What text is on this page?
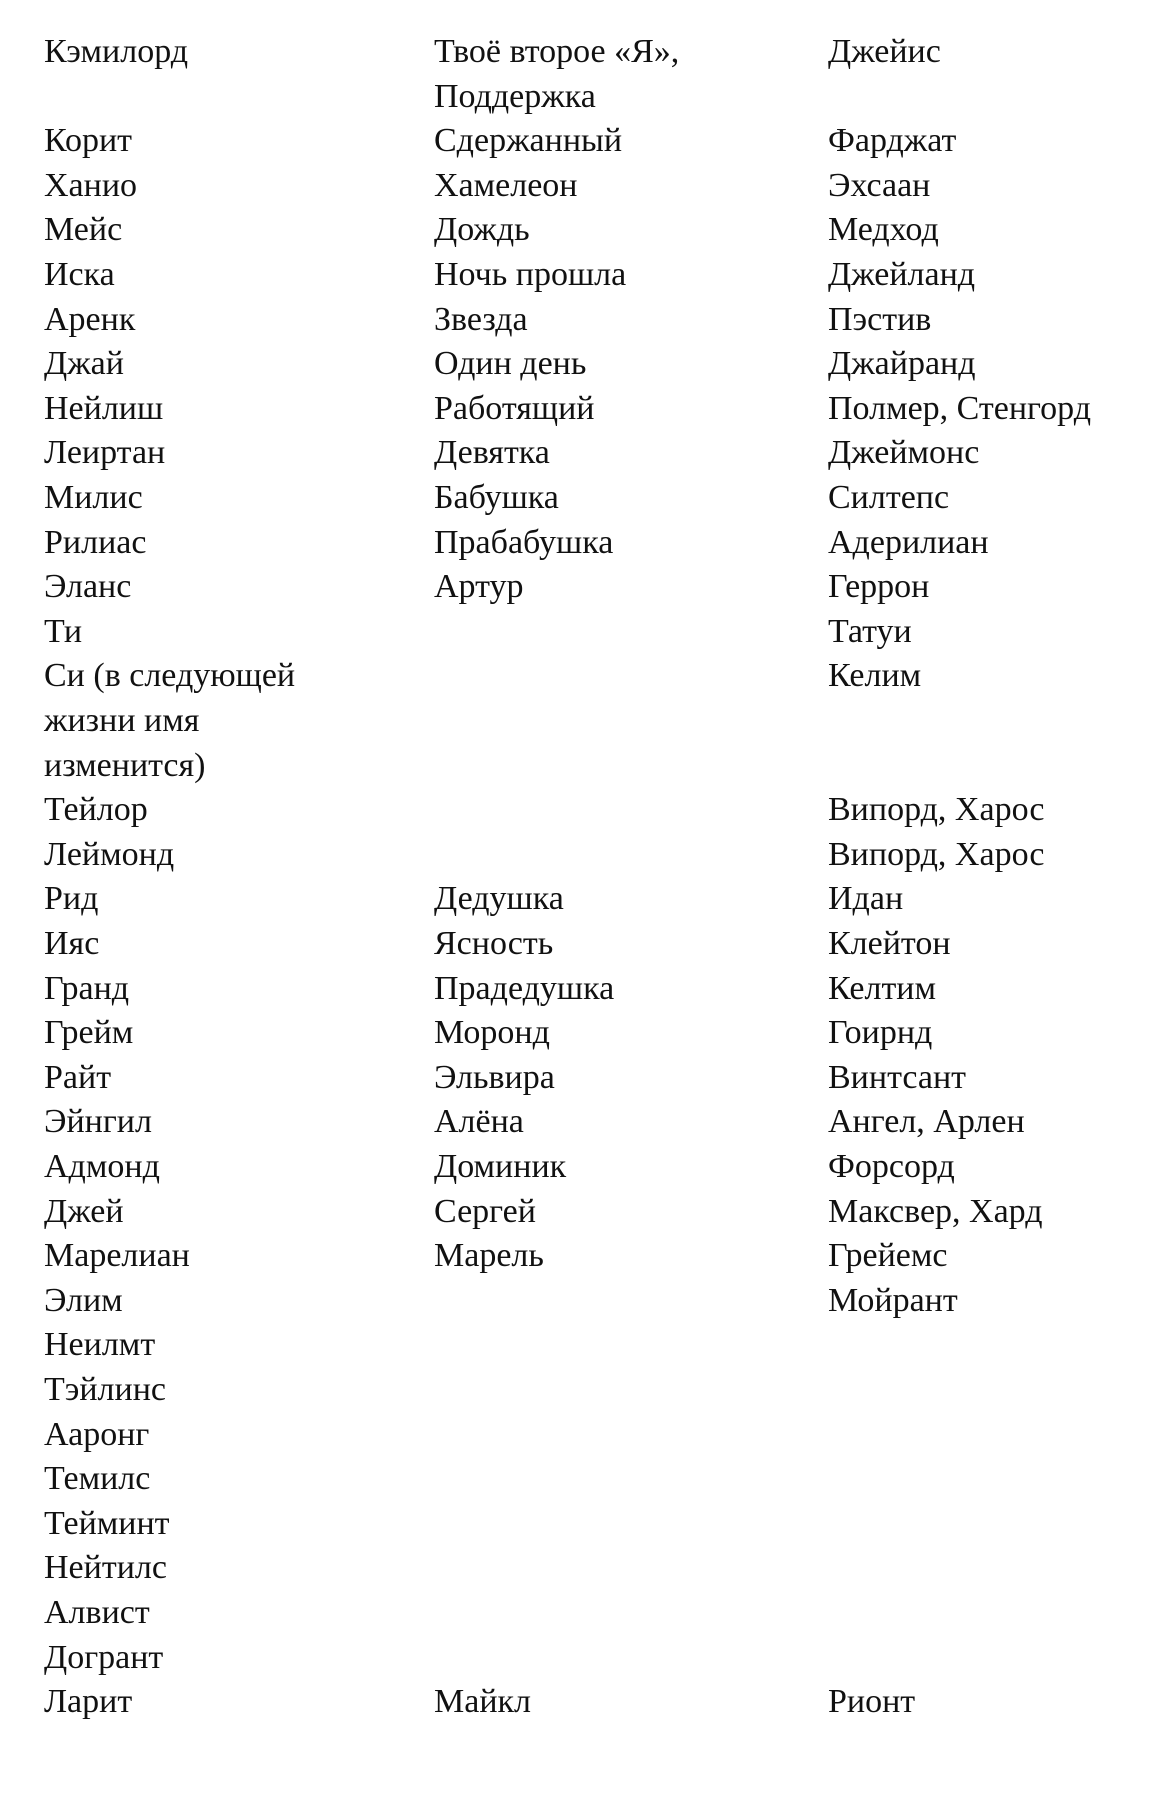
Кэмилорд
Корит
Ханио
Мейс
Иска
Аренк
Джай
Нейлиш
Леиртан
Милис
Рилиас
Эланс
Ти
Си (в следующей жизни имя изменится)
Тейлор
Леймонд
Рид
Ияс
Гранд
Грейм
Райт
Эйнгил
Адмонд
Джей
Марелиан
Элим
Неилмт
Тэйлинс
Ааронг
Темилс
Тейминт
Нейтилс
Алвист
Догрант
Ларит
Твоё второе «Я», Поддержка
Сдержанный
Хамелеон
Дождь
Ночь прошла
Звезда
Один день
Работящий
Девятка
Бабушка
Прабабушка
Артур
Дедушка
Ясность
Прадедушка
Моронд
Эльвира
Алёна
Доминик
Сергей
Марель
Майкл
Джейис
Фарджат
Эхсаан
Медход
Джейланд
Пэстив
Джайранд
Полмер, Стенгорд
Джеймонс
Силтепс
Адерилиан
Геррон
Татуи
Келим
Випорд, Харос
Випорд, Харос
Идан
Клейтон
Келтим
Гоирнд
Винтсант
Ангел, Арлен
Форсорд
Максвер, Хард
Грейемс
Мойрант
Рионт
